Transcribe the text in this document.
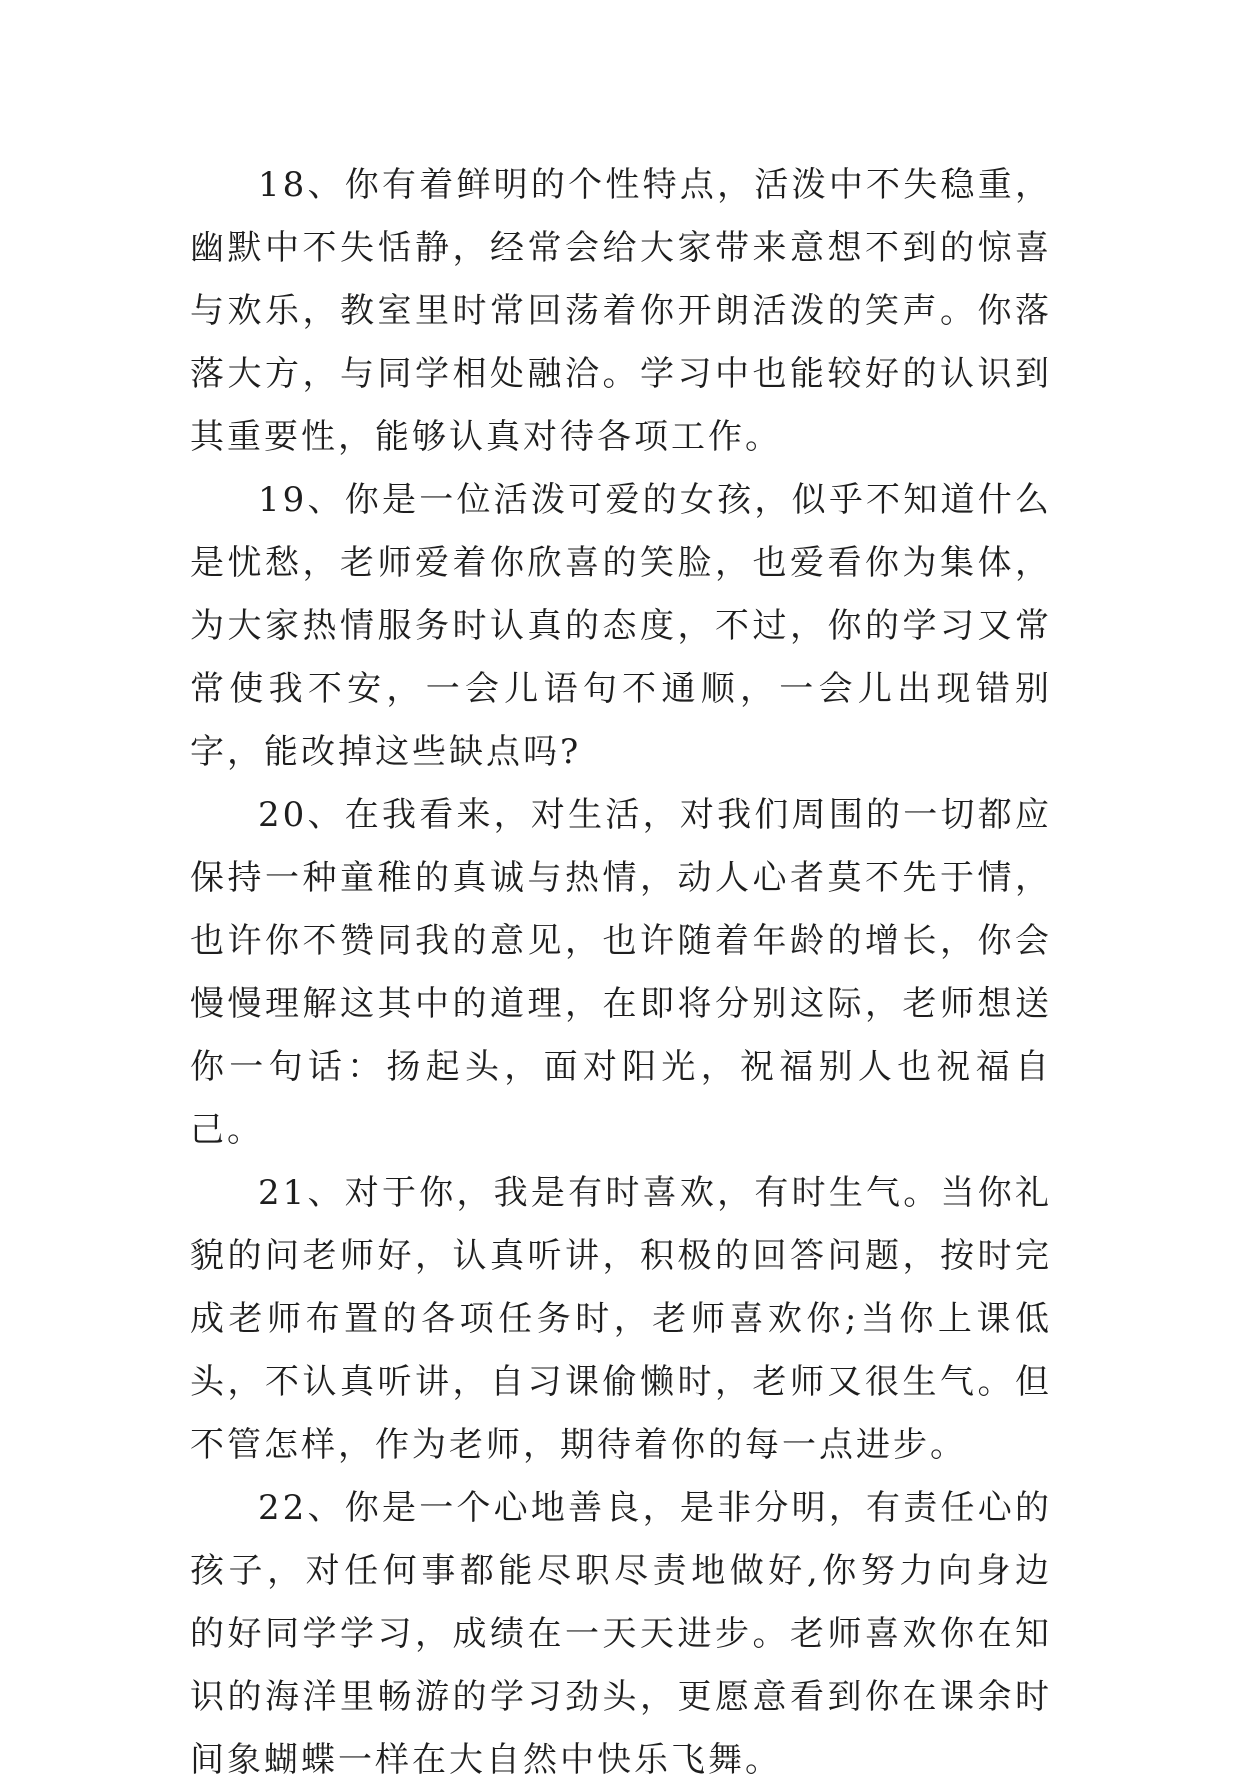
18、你有着鲜明的个性特点，活泼中不失稳重，幽默中不失恬静，经常会给大家带来意想不到的惊喜与欢乐，教室里时常回荡着你开朗活泼的笑声。你落落大方，与同学相处融洽。学习中也能较好的认识到其重要性，能够认真对待各项工作。

19、你是一位活泼可爱的女孩，似乎不知道什么是忧愁，老师爱着你欣喜的笑脸，也爱看你为集体，为大家热情服务时认真的态度，不过，你的学习又常常使我不安，一会儿语句不通顺，一会儿出现错别字，能改掉这些缺点吗?

20、在我看来，对生活，对我们周围的一切都应保持一种童稚的真诚与热情，动人心者莫不先于情，也许你不赞同我的意见，也许随着年龄的增长，你会慢慢理解这其中的道理，在即将分别这际，老师想送你一句话：扬起头，面对阳光，祝福别人也祝福自己。

21、对于你，我是有时喜欢，有时生气。当你礼貌的问老师好，认真听讲，积极的回答问题，按时完成老师布置的各项任务时，老师喜欢你;当你上课低头，不认真听讲，自习课偷懒时，老师又很生气。但不管怎样，作为老师，期待着你的每一点进步。

22、你是一个心地善良，是非分明，有责任心的孩子，对任何事都能尽职尽责地做好,你努力向身边的好同学学习，成绩在一天天进步。老师喜欢你在知识的海洋里畅游的学习劲头，更愿意看到你在课余时间象蝴蝶一样在大自然中快乐飞舞。
